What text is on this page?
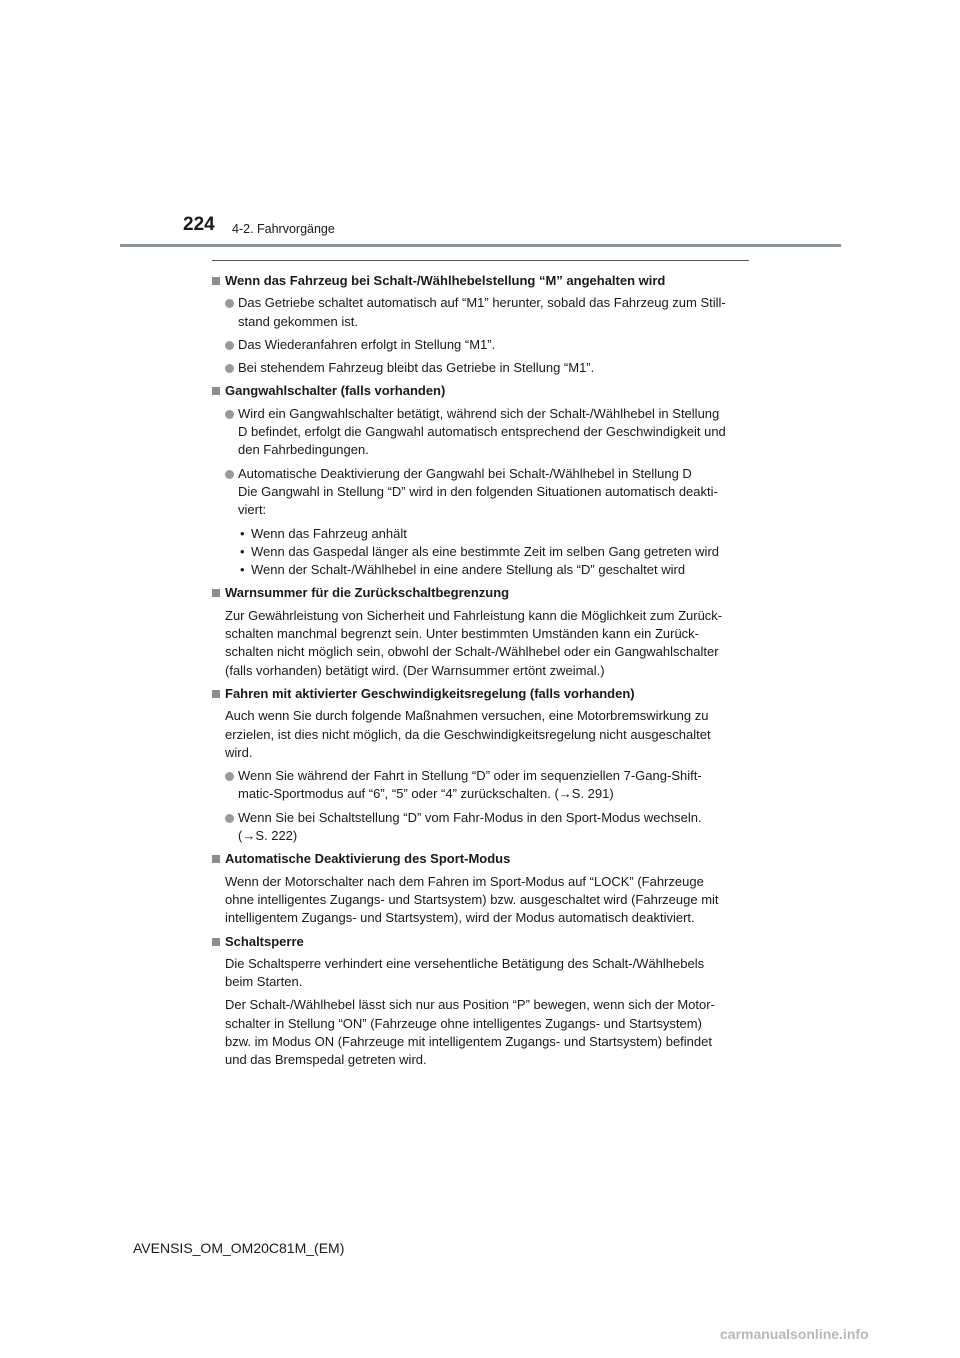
224 4-2. Fahrvorgänge
Wenn das Fahrzeug bei Schalt-/Wählhebelstellung “M” angehalten wird
Das Getriebe schaltet automatisch auf “M1” herunter, sobald das Fahrzeug zum Still-
stand gekommen ist.
Das Wiederanfahren erfolgt in Stellung “M1”.
Bei stehendem Fahrzeug bleibt das Getriebe in Stellung “M1”.
Gangwahlschalter (falls vorhanden)
Wird ein Gangwahlschalter betätigt, während sich der Schalt-/Wählhebel in Stellung
D befindet, erfolgt die Gangwahl automatisch entsprechend der Geschwindigkeit und
den Fahrbedingungen.
Automatische Deaktivierung der Gangwahl bei Schalt-/Wählhebel in Stellung D
Die Gangwahl in Stellung “D” wird in den folgenden Situationen automatisch deakti-
viert:
• Wenn das Fahrzeug anhält
• Wenn das Gaspedal länger als eine bestimmte Zeit im selben Gang getreten wird
• Wenn der Schalt-/Wählhebel in eine andere Stellung als “D” geschaltet wird
Warnsummer für die Zurückschaltbegrenzung
Zur Gewährleistung von Sicherheit und Fahrleistung kann die Möglichkeit zum Zurück-
schalten manchmal begrenzt sein. Unter bestimmten Umständen kann ein Zurück-
schalten nicht möglich sein, obwohl der Schalt-/Wählhebel oder ein Gangwahlschalter
(falls vorhanden) betätigt wird. (Der Warnsummer ertönt zweimal.)
Fahren mit aktivierter Geschwindigkeitsregelung (falls vorhanden)
Auch wenn Sie durch folgende Maßnahmen versuchen, eine Motorbremswirkung zu
erzielen, ist dies nicht möglich, da die Geschwindigkeitsregelung nicht ausgeschaltet
wird.
Wenn Sie während der Fahrt in Stellung “D” oder im sequenziellen 7-Gang-Shift-
matic-Sportmodus auf “6”, “5” oder “4” zurückschalten. (→S. 291)
Wenn Sie bei Schaltstellung “D” vom Fahr-Modus in den Sport-Modus wechseln.
(→S. 222)
Automatische Deaktivierung des Sport-Modus
Wenn der Motorschalter nach dem Fahren im Sport-Modus auf “LOCK” (Fahrzeuge
ohne intelligentes Zugangs- und Startsystem) bzw. ausgeschaltet wird (Fahrzeuge mit
intelligentem Zugangs- und Startsystem), wird der Modus automatisch deaktiviert.
Schaltsperre
Die Schaltsperre verhindert eine versehentliche Betätigung des Schalt-/Wählhebels
beim Starten.
Der Schalt-/Wählhebel lässt sich nur aus Position “P” bewegen, wenn sich der Motor-
schalter in Stellung “ON” (Fahrzeuge ohne intelligentes Zugangs- und Startsystem)
bzw. im Modus ON (Fahrzeuge mit intelligentem Zugangs- und Startsystem) befindet
und das Bremspedal getreten wird.
AVENSIS_OM_OM20C81M_(EM)
carmanualsonline.info
